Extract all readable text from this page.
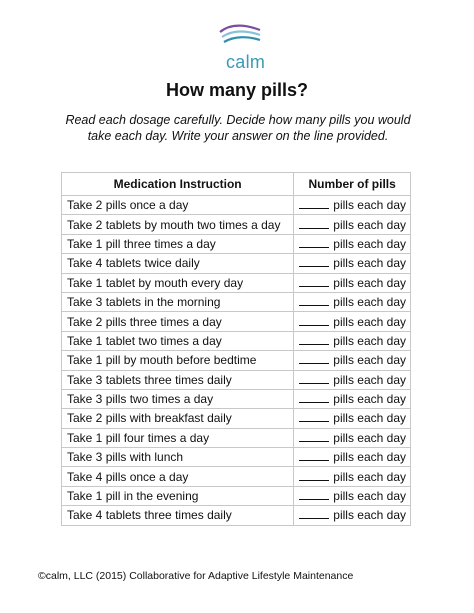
calm
How many pills?
Read each dosage carefully. Decide how many pills you would take each day. Write your answer on the line provided.
Medication Instruction	Number of pills
Take 2 pills once a day	pills each day
Take 2 tablets by mouth two times a day	pills each day
Take 1 pill three times a day	pills each day
Take 4 tablets twice daily	pills each day
Take 1 tablet by mouth every day	pills each day
Take 3 tablets in the morning	pills each day
Take 2 pills three times a day	pills each day
Take 1 tablet two times a day	pills each day
Take 1 pill by mouth before bedtime	pills each day
Take 3 tablets three times daily	pills each day
Take 3 pills two times a day	pills each day
Take 2 pills with breakfast daily	pills each day
Take 1 pill four times a day	pills each day
Take 3 pills with lunch	pills each day
Take 4 pills once a day	pills each day
Take 1 pill in the evening	pills each day
Take 4 tablets three times daily	pills each day
©calm, LLC (2015) Collaborative for Adaptive Lifestyle Maintenance
